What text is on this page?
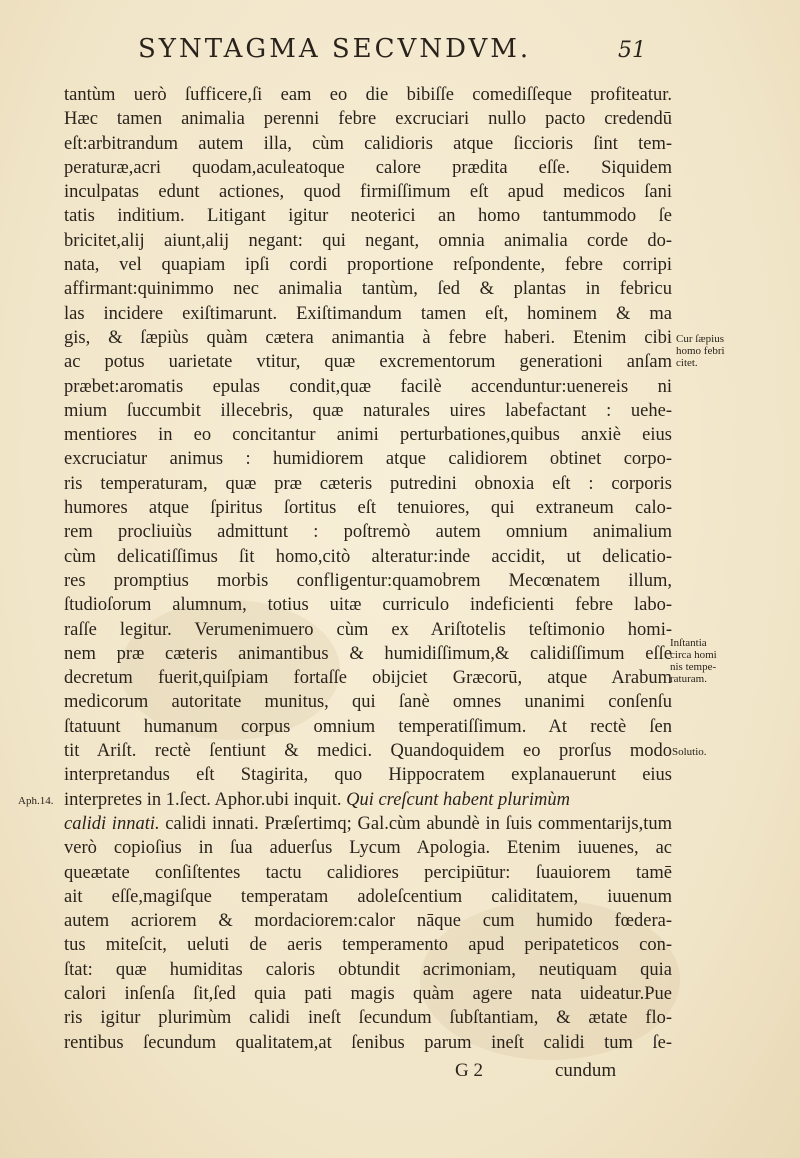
SYNTAGMA SECVNDVM.	51
tantùm uerò ſufficere,ſi eam eo die bibiſſe comediſſeque profiteatur.
Hæc tamen animalia perenni febre excruciari nullo pacto credendū
eſt:arbitrandum autem illa, cùm calidioris atque ſiccioris ſint tem-
peraturæ,acri quodam,aculeatoque calore prædita eſſe. Siquidem
inculpatas edunt actiones, quod firmiſſimum eſt apud medicos ſani
tatis inditium. Litigant igitur neoterici an homo tantummodo ſe
bricitet,alij aiunt,alij negant: qui negant, omnia animalia corde do-
nata, vel quapiam ipſi cordi proportione reſpondente, febre corripi
affirmant:quinimmo nec animalia tantùm, ſed & plantas in febricu
las incidere exiſtimarunt. Exiſtimandum tamen eſt, hominem & ma
gis, & ſæpiùs quàm cætera animantia à febre haberi. Etenim cibi
ac potus uarietate vtitur, quæ excrementorum generationi anſam
præbet:aromatis epulas condit,quæ facilè accenduntur:uenereis ni
mium ſuccumbit illecebris, quæ naturales uires labefactant : uehe-
mentiores in eo concitantur animi perturbationes,quibus anxiè eius
excruciatur animus : humidiorem atque calidiorem obtinet corpo-
ris temperaturam, quæ præ cæteris putredini obnoxia eſt : corporis
humores atque ſpiritus ſortitus eſt tenuiores, qui extraneum calo-
rem procliuiùs admittunt : poſtremò autem omnium animalium
cùm delicatiſſimus ſit homo,citò alteratur:inde accidit, ut delicatio-
res promptius morbis confligentur:quamobrem Mecœnatem illum,
ſtudioſorum alumnum, totius uitæ curriculo indeficienti febre labo-
raſſe legitur. Verumenimuero cùm ex Ariſtotelis teſtimonio homi-
nem præ cæteris animantibus & humidiſſimum,& calidiſſimum eſſe
decretum fuerit,quiſpiam fortaſſe obijciet Græcorū, atque Arabum
medicorum autoritate munitus, qui ſanè omnes unanimi conſenſu
ſtatuunt humanum corpus omnium temperatiſſimum. At rectè ſen
tit Ariſt. rectè ſentiunt & medici. Quandoquidem eo prorſus modo
interpretandus eſt Stagirita, quo Hippocratem explanauerunt eius
interpretes in 1.ſect. Aphor.ubi inquit. Qui creſcunt habent plurimùm
calidi innati. calidi innati. Præſertimq; Gal.cùm abundè in ſuis commentarijs,tum
verò copioſius in ſua aduerſus Lycum Apologia. Etenim iuuenes, ac
queætate conſiſtentes tactu calidiores percipiūtur: ſuauiorem tamē
ait eſſe,magiſque temperatam adoleſcentium caliditatem, iuuenum
autem acriorem & mordaciorem:calor nāque cum humido fœdera-
tus miteſcit, ueluti de aeris temperamento apud peripateticos con-
ſtat: quæ humiditas caloris obtundit acrimoniam, neutiquam quia
calori inſenſa ſit,ſed quia pati magis quàm agere nata uideatur.Pue
ris igitur plurimùm calidi ineſt ſecundum ſubſtantiam, & ætate flo-
rentibus ſecundum qualitatem,at ſenibus parum ineſt calidi tum ſe-
G 2	cundum
Cur ſæpius
homo febri
citet.
Inſtantia
circa homi
nis tempe-
raturam.
Solutio.
Aph.14.
